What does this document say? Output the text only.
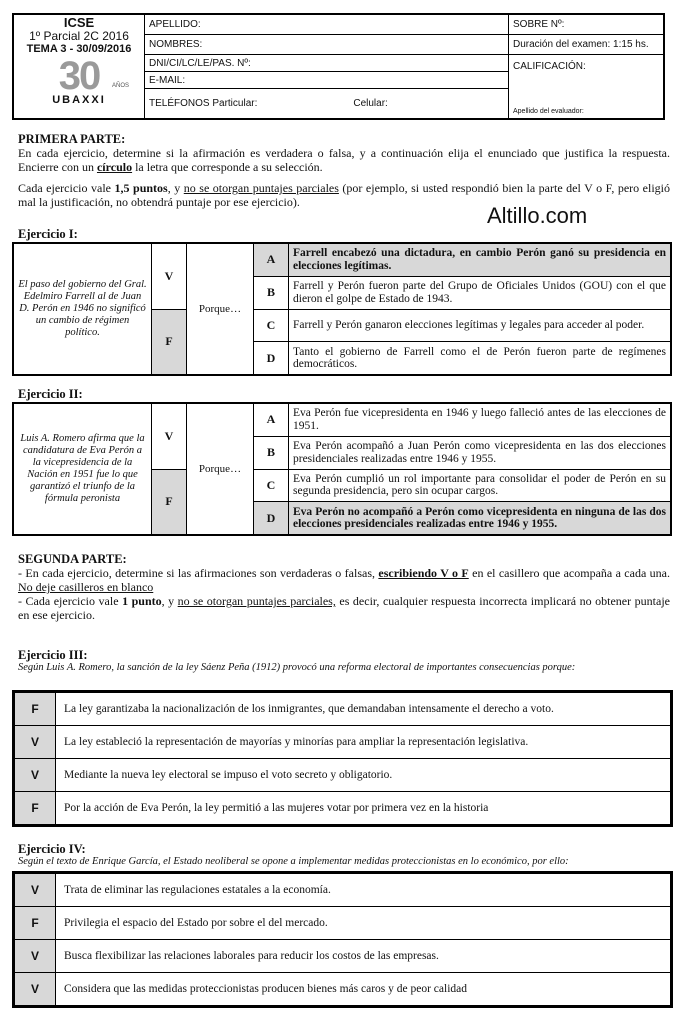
ICSE
1º Parcial 2C 2016
TEMA 3 - 30/09/2016
30 AÑOS
UBAXXI
APELLIDO:
NOMBRES:
DNI/CI/LC/LE/PAS. Nº:
E-MAIL:
TELÉFONOS Particular:	Celular:
SOBRE Nº:
Duración del examen: 1:15 hs.
CALIFICACIÓN:
Apellido del evaluador:
PRIMERA PARTE:
En cada ejercicio, determine si la afirmación es verdadera o falsa, y a continuación elija el enunciado que justifica la respuesta. Encierre con un círculo la letra que corresponde a su selección.
Cada ejercicio vale 1,5 puntos, y no se otorgan puntajes parciales (por ejemplo, si usted respondió bien la parte del V o F, pero eligió mal la justificación, no obtendrá puntaje por ese ejercicio).
Altillo.com
Ejercicio I:
El paso del gobierno del Gral. Edelmiro Farrell al de Juan D. Perón en 1946 no significó un cambio de régimen político.
V
F
Porque…
A	Farrell encabezó una dictadura, en cambio Perón ganó su presidencia en elecciones legítimas.
B	Farrell y Perón fueron parte del Grupo de Oficiales Unidos (GOU) con el que dieron el golpe de Estado de 1943.
C	Farrell y Perón ganaron elecciones legítimas y legales para acceder al poder.
D	Tanto el gobierno de Farrell como el de Perón fueron parte de regímenes democráticos.
Ejercicio II:
Luis A. Romero afirma que la candidatura de Eva Perón a la vicepresidencia de la Nación en 1951 fue lo que garantizó el triunfo de la fórmula peronista
V
F
Porque…
A	Eva Perón fue vicepresidenta en 1946 y luego falleció antes de las elecciones de 1951.
B	Eva Perón acompañó a Juan Perón como vicepresidenta en las dos elecciones presidenciales realizadas entre 1946 y 1955.
C	Eva Perón cumplió un rol importante para consolidar el poder de Perón en su segunda presidencia, pero sin ocupar cargos.
D	Eva Perón no acompañó a Perón como vicepresidenta en ninguna de las dos elecciones presidenciales realizadas entre 1946 y 1955.
SEGUNDA PARTE:
- En cada ejercicio, determine si las afirmaciones son verdaderas o falsas, escribiendo V o F en el casillero que acompaña a cada una. No deje casilleros en blanco
- Cada ejercicio vale 1 punto, y no se otorgan puntajes parciales, es decir, cualquier respuesta incorrecta implicará no obtener puntaje en ese ejercicio.
Ejercicio III:
Según Luis A. Romero, la sanción de la ley Sáenz Peña (1912) provocó una reforma electoral de importantes consecuencias porque:
F	La ley garantizaba la nacionalización de los inmigrantes, que demandaban intensamente el derecho a voto.
V	La ley estableció la representación de mayorías y minorías para ampliar la representación legislativa.
V	Mediante la nueva ley electoral se impuso el voto secreto y obligatorio.
F	Por la acción de Eva Perón, la ley permitió a las mujeres votar por primera vez en la historia
Ejercicio IV:
Según el texto de Enrique García, el Estado neoliberal se opone a implementar medidas proteccionistas en lo económico, por ello:
V	Trata de eliminar las regulaciones estatales a la economía.
F	Privilegia el espacio del Estado por sobre el del mercado.
V	Busca flexibilizar las relaciones laborales para reducir los costos de las empresas.
V	Considera que las medidas proteccionistas producen bienes más caros y de peor calidad
